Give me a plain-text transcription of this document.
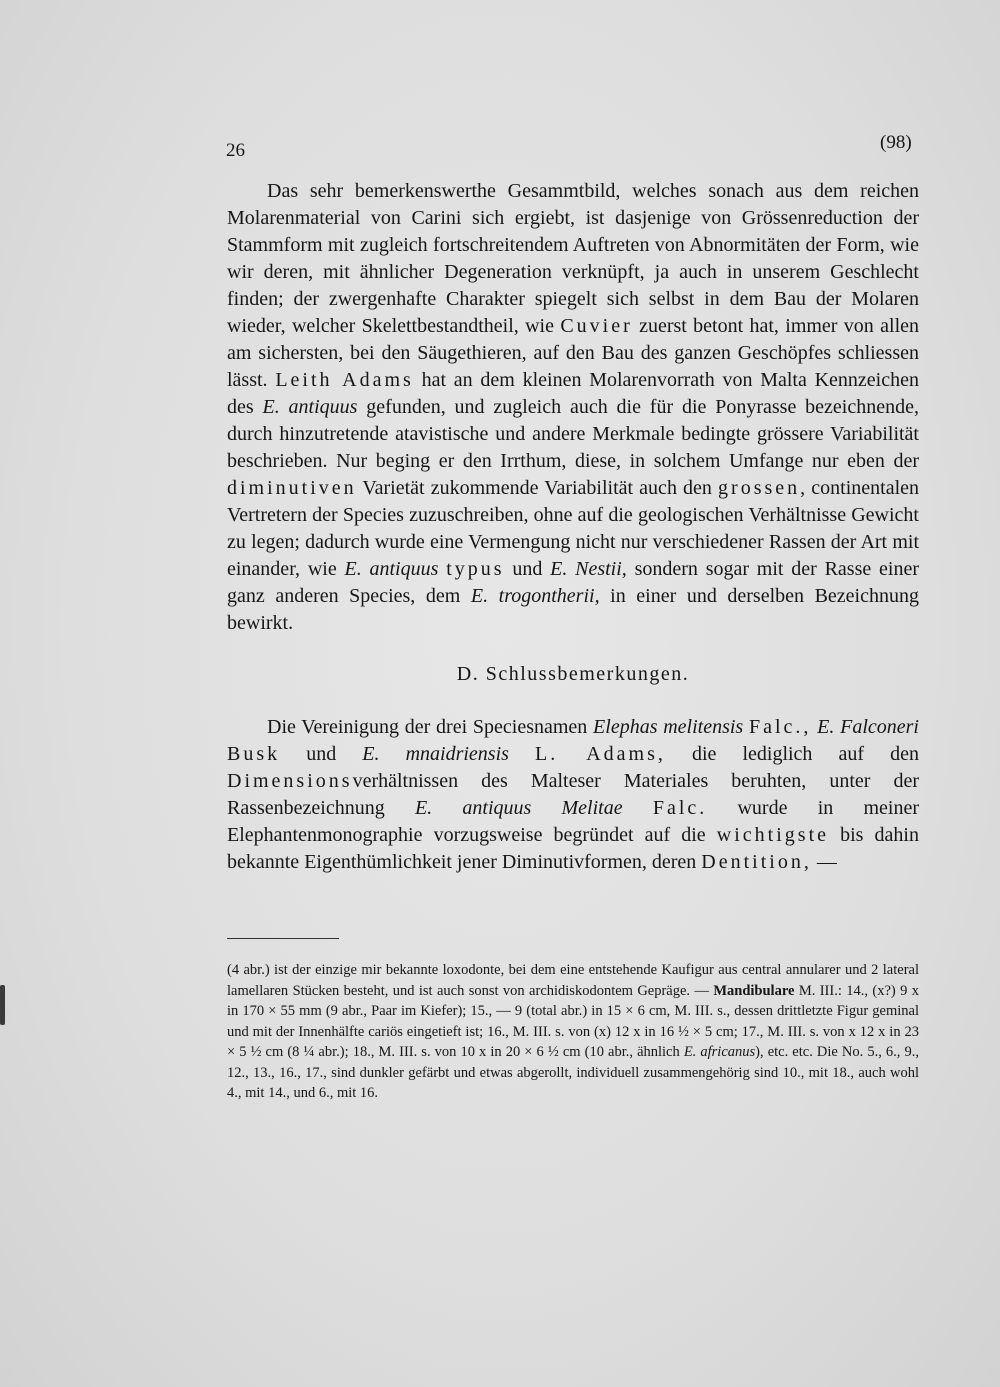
26	(98)

Das sehr bemerkenswerthe Gesammtbild, welches sonach aus dem reichen Molarenmaterial von Carini sich ergiebt, ist dasjenige von Grössenreduction der Stammform mit zugleich fortschreitendem Auftreten von Abnormitäten der Form, wie wir deren, mit ähnlicher Degeneration verknüpft, ja auch in unserem Geschlecht finden; der zwergenhafte Charakter spiegelt sich selbst in dem Bau der Molaren wieder, welcher Skelettbestandtheil, wie Cuvier zuerst betont hat, immer von allen am sichersten, bei den Säugethieren, auf den Bau des ganzen Geschöpfes schliessen lässt. Leith Adams hat an dem kleinen Molarenvorrath von Malta Kennzeichen des E. antiquus gefunden, und zugleich auch die für die Ponyrasse bezeichnende, durch hinzutretende atavistische und andere Merkmale bedingte grössere Variabilität beschrieben. Nur beging er den Irrthum, diese, in solchem Umfange nur eben der diminutiven Varietät zukommende Variabilität auch den grossen, continentalen Vertretern der Species zuzuschreiben, ohne auf die geologischen Verhältnisse Gewicht zu legen; dadurch wurde eine Vermengung nicht nur verschiedener Rassen der Art mit einander, wie E. antiquus typus und E. Nestii, sondern sogar mit der Rasse einer ganz anderen Species, dem E. trogontherii, in einer und derselben Bezeichnung bewirkt.

D. Schlussbemerkungen.

Die Vereinigung der drei Speciesnamen Elephas melitensis Falc., E. Falconeri Busk und E. mnaidriensis L. Adams, die lediglich auf den Dimensionsverhältnissen des Malteser Materiales beruhten, unter der Rassenbezeichnung E. antiquus Melitae Falc. wurde in meiner Elephantenmonographie vorzugsweise begründet auf die wichtigste bis dahin bekannte Eigenthümlichkeit jener Diminutivformen, deren Dentition, —

(4 abr.) ist der einzige mir bekannte loxodonte, bei dem eine entstehende Kaufigur aus central annularer und 2 lateral lamellaren Stücken besteht, und ist auch sonst von archidiskodontem Gepräge. — Mandibulare M. III.: 14., (x?) 9 x in 170 × 55 mm (9 abr., Paar im Kiefer); 15., — 9 (total abr.) in 15 × 6 cm, M. III. s., dessen drittletzte Figur geminal und mit der Innenhälfte cariös eingetieft ist; 16., M. III. s. von (x) 12 x in 16 ½ × 5 cm; 17., M. III. s. von x 12 x in 23 × 5 ½ cm (8 ¼ abr.); 18., M. III. s. von 10 x in 20 × 6 ½ cm (10 abr., ähnlich E. africanus), etc. etc. Die No. 5., 6., 9., 12., 13., 16., 17., sind dunkler gefärbt und etwas abgerollt, individuell zusammengehörig sind 10., mit 18., auch wohl 4., mit 14., und 6., mit 16.
